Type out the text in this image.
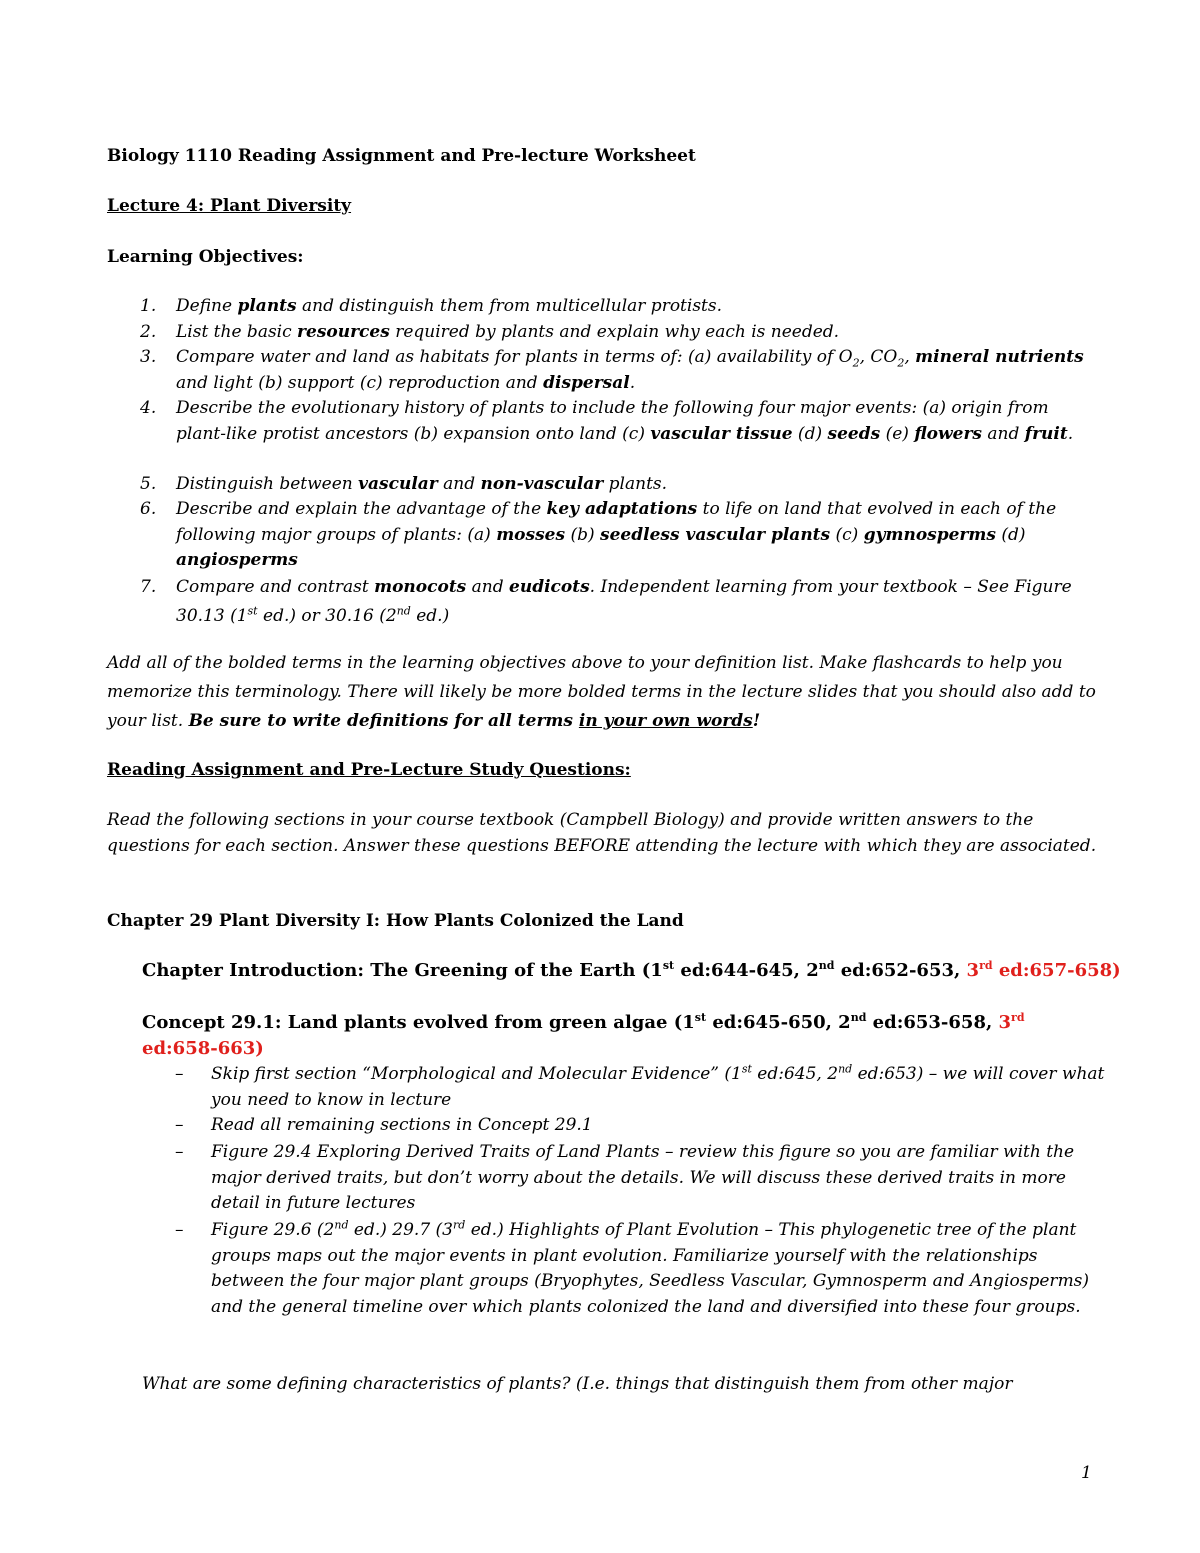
Biology 1110 Reading Assignment and Pre-lecture Worksheet
Lecture 4: Plant Diversity
Learning Objectives:
1.	Define plants and distinguish them from multicellular protists.
2.	List the basic resources required by plants and explain why each is needed.
3.	Compare water and land as habitats for plants in terms of: (a) availability of $O_2$, $CO_2$, mineral nutrients and light (b) support (c) reproduction and dispersal.
4.	Describe the evolutionary history of plants to include the following four major events: (a) origin from plant-like protist ancestors (b) expansion onto land (c) vascular tissue (d) seeds (e) flowers and fruit.
5.	Distinguish between vascular and non-vascular plants.
6.	Describe and explain the advantage of the key adaptations to life on land that evolved in each of the following major groups of plants: (a) mosses (b) seedless vascular plants (c) gymnosperms (d) angiosperms
7.	Compare and contrast monocots and eudicots. Independent learning from your textbook – See Figure 30.13 (1st ed.) or 30.16 (2nd ed.)
Add all of the bolded terms in the learning objectives above to your definition list. Make flashcards to help you memorize this terminology. There will likely be more bolded terms in the lecture slides that you should also add to your list. Be sure to write definitions for all terms in your own words!
Reading Assignment and Pre-Lecture Study Questions:
Read the following sections in your course textbook (Campbell Biology) and provide written answers to the questions for each section. Answer these questions BEFORE attending the lecture with which they are associated.
Chapter 29 Plant Diversity I: How Plants Colonized the Land
Chapter Introduction: The Greening of the Earth (1st ed:644-645, 2nd ed:652-653, 3rd ed:657-658)
Concept 29.1: Land plants evolved from green algae (1st ed:645-650, 2nd ed:653-658, 3rd ed:658-663)
– Skip first section “Morphological and Molecular Evidence” (1st ed:645, 2nd ed:653) – we will cover what you need to know in lecture
– Read all remaining sections in Concept 29.1
– Figure 29.4 Exploring Derived Traits of Land Plants – review this figure so you are familiar with the major derived traits, but don’t worry about the details. We will discuss these derived traits in more detail in future lectures
– Figure 29.6 (2nd ed.) 29.7 (3rd ed.) Highlights of Plant Evolution – This phylogenetic tree of the plant groups maps out the major events in plant evolution. Familiarize yourself with the relationships between the four major plant groups (Bryophytes, Seedless Vascular, Gymnosperm and Angiosperms) and the general timeline over which plants colonized the land and diversified into these four groups.
What are some defining characteristics of plants? (I.e. things that distinguish them from other major
1
